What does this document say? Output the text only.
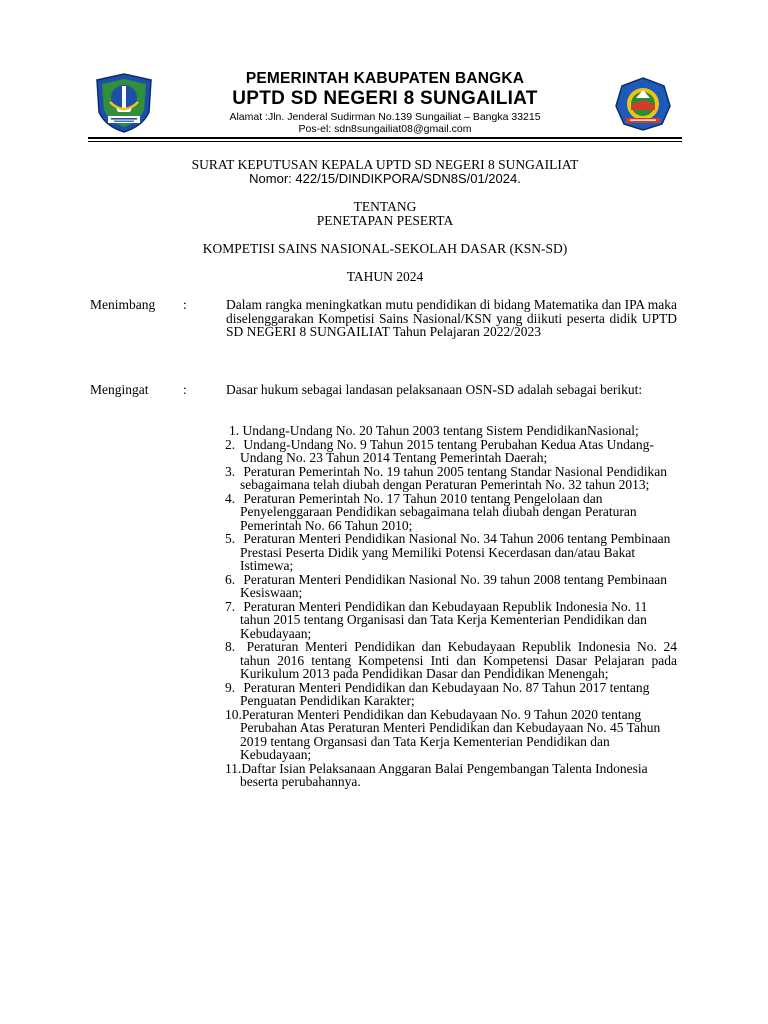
PEMERINTAH KABUPATEN BANGKA
UPTD SD NEGERI 8 SUNGAILIAT
Alamat :Jln. Jenderal Sudirman No.139 Sungailiat – Bangka 33215
Pos-el: sdn8sungailiat08@gmail.com
SURAT KEPUTUSAN KEPALA UPTD SD NEGERI 8 SUNGAILIAT
Nomor: 422/15/DINDIKPORA/SDN8S/01/2024.
TENTANG
PENETAPAN PESERTA
KOMPETISI SAINS NASIONAL-SEKOLAH DASAR (KSN-SD)
TAHUN 2024
Menimbang :	Dalam rangka meningkatkan mutu pendidikan di bidang Matematika dan IPA maka diselenggarakan Kompetisi Sains Nasional/KSN yang diikuti peserta didik UPTD SD NEGERI 8 SUNGAILIAT Tahun Pelajaran 2022/2023
Mengingat	:	Dasar hukum sebagai landasan pelaksanaan OSN-SD adalah sebagai berikut:
1. Undang-Undang No. 20 Tahun 2003 tentang Sistem PendidikanNasional;
2. Undang-Undang No. 9 Tahun 2015 tentang Perubahan Kedua Atas Undang-Undang No. 23 Tahun 2014 Tentang Pemerintah Daerah;
3. Peraturan Pemerintah No. 19 tahun 2005 tentang Standar Nasional Pendidikan sebagaimana telah diubah dengan Peraturan Pemerintah No. 32 tahun 2013;
4. Peraturan Pemerintah No. 17 Tahun 2010 tentang Pengelolaan dan Penyelenggaraan Pendidikan sebagaimana telah diubah dengan Peraturan Pemerintah No. 66 Tahun 2010;
5. Peraturan Menteri Pendidikan Nasional No. 34 Tahun 2006 tentang Pembinaan Prestasi Peserta Didik yang Memiliki Potensi Kecerdasan dan/atau Bakat Istimewa;
6. Peraturan Menteri Pendidikan Nasional No. 39 tahun 2008 tentang Pembinaan Kesiswaan;
7. Peraturan Menteri Pendidikan dan Kebudayaan Republik Indonesia No. 11 tahun 2015 tentang Organisasi dan Tata Kerja Kementerian Pendidikan dan Kebudayaan;
8. Peraturan Menteri Pendidikan dan Kebudayaan Republik Indonesia No. 24 tahun 2016 tentang Kompetensi Inti dan Kompetensi Dasar Pelajaran pada Kurikulum 2013 pada Pendidikan Dasar dan Pendidikan Menengah;
9. Peraturan Menteri Pendidikan dan Kebudayaan No. 87 Tahun 2017 tentang Penguatan Pendidikan Karakter;
10.Peraturan Menteri Pendidikan dan Kebudayaan No. 9 Tahun 2020 tentang Perubahan Atas Peraturan Menteri Pendidikan dan Kebudayaan No. 45 Tahun 2019 tentang Organsasi dan Tata Kerja Kementerian Pendidikan dan Kebudayaan;
11.Daftar Isian Pelaksanaan Anggaran Balai Pengembangan Talenta Indonesia beserta perubahannya.
